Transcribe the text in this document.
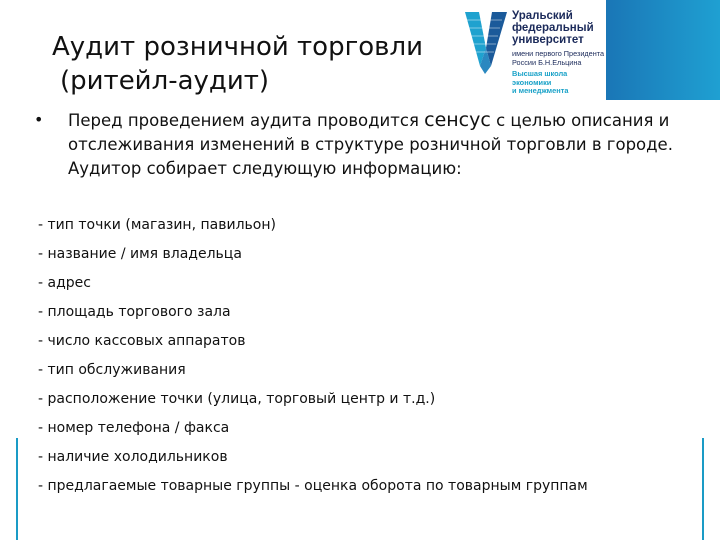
Аудит розничной торговли
(ритейл-аудит)
Уральский
федеральный
университет
имени первого Президента
России Б.Н.Ельцина
Высшая школа
экономики
и менеджмента
• Перед проведением аудита проводится сенсус с целью описания и отслеживания изменений в структуре розничной торговли в городе. Аудитор собирает следующую информацию:
- тип точки (магазин, павильон)
- название / имя владельца
- адрес
- площадь торгового зала
- число кассовых аппаратов
- тип обслуживания
- расположение точки (улица, торговый центр и т.д.)
- номер телефона / факса
- наличие холодильников
- предлагаемые товарные группы - оценка оборота по товарным группам
